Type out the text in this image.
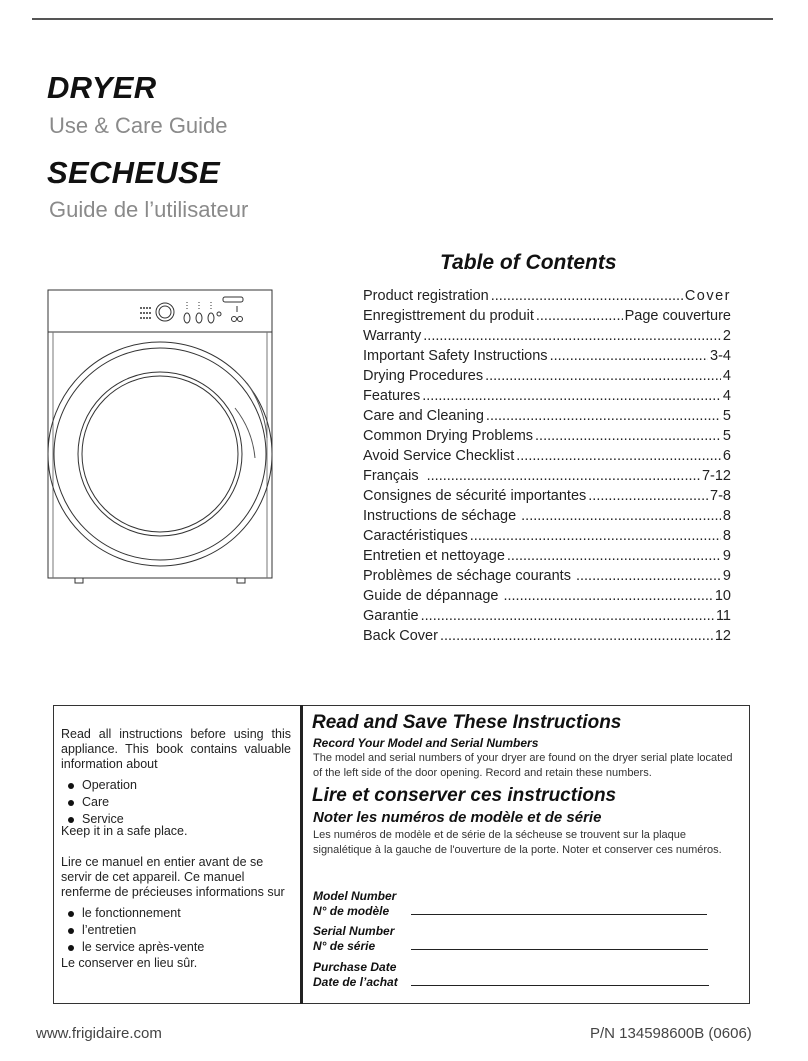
DRYER
Use & Care Guide
SECHEUSE
Guide de l’utilisateur
Table of Contents
Product registration .....	Cover
Enregisttrement du produit .....	Page couverture
Warranty .....	2
Important Safety Instructions .....	3-4
Drying Procedures .....	4
Features .....	4
Care and Cleaning .....	5
Common Drying Problems .....	5
Avoid Service Checklist .....	6
Français .....	7-12
Consignes de sécurité importantes .....	7-8
Instructions de séchage .....	8
Caractéristiques .....	8
Entretien et nettoyage .....	9
Problèmes de séchage courants .....	9
Guide de dépannage .....	10
Garantie .....	11
Back Cover .....	12

Read all instructions before using this appliance. This book contains valuable information about

Operation
Care
Service

Keep it in a safe place.

Lire ce manuel en entier avant de se servir de cet appareil. Ce manuel renferme de précieuses informations sur

le fonctionnement
l’entretien
le service après-vente

Le conserver en lieu sûr.

Read and Save These Instructions
Record Your Model and Serial Numbers
The model and serial numbers of your dryer are found on the dryer serial plate located of the left side of the door opening. Record and retain these numbers.
Lire et conserver ces instructions
Noter les numéros de modèle et de série
Les numéros de modèle et de série de la sécheuse se trouvent sur la plaque signalétique à la gauche de l'ouverture de la porte. Noter et conserver ces numéros.
Model Number
N° de modèle
Serial Number
N° de série
Purchase Date
Date de l’achat
www.frigidaire.com	P/N 134598600B (0606)
